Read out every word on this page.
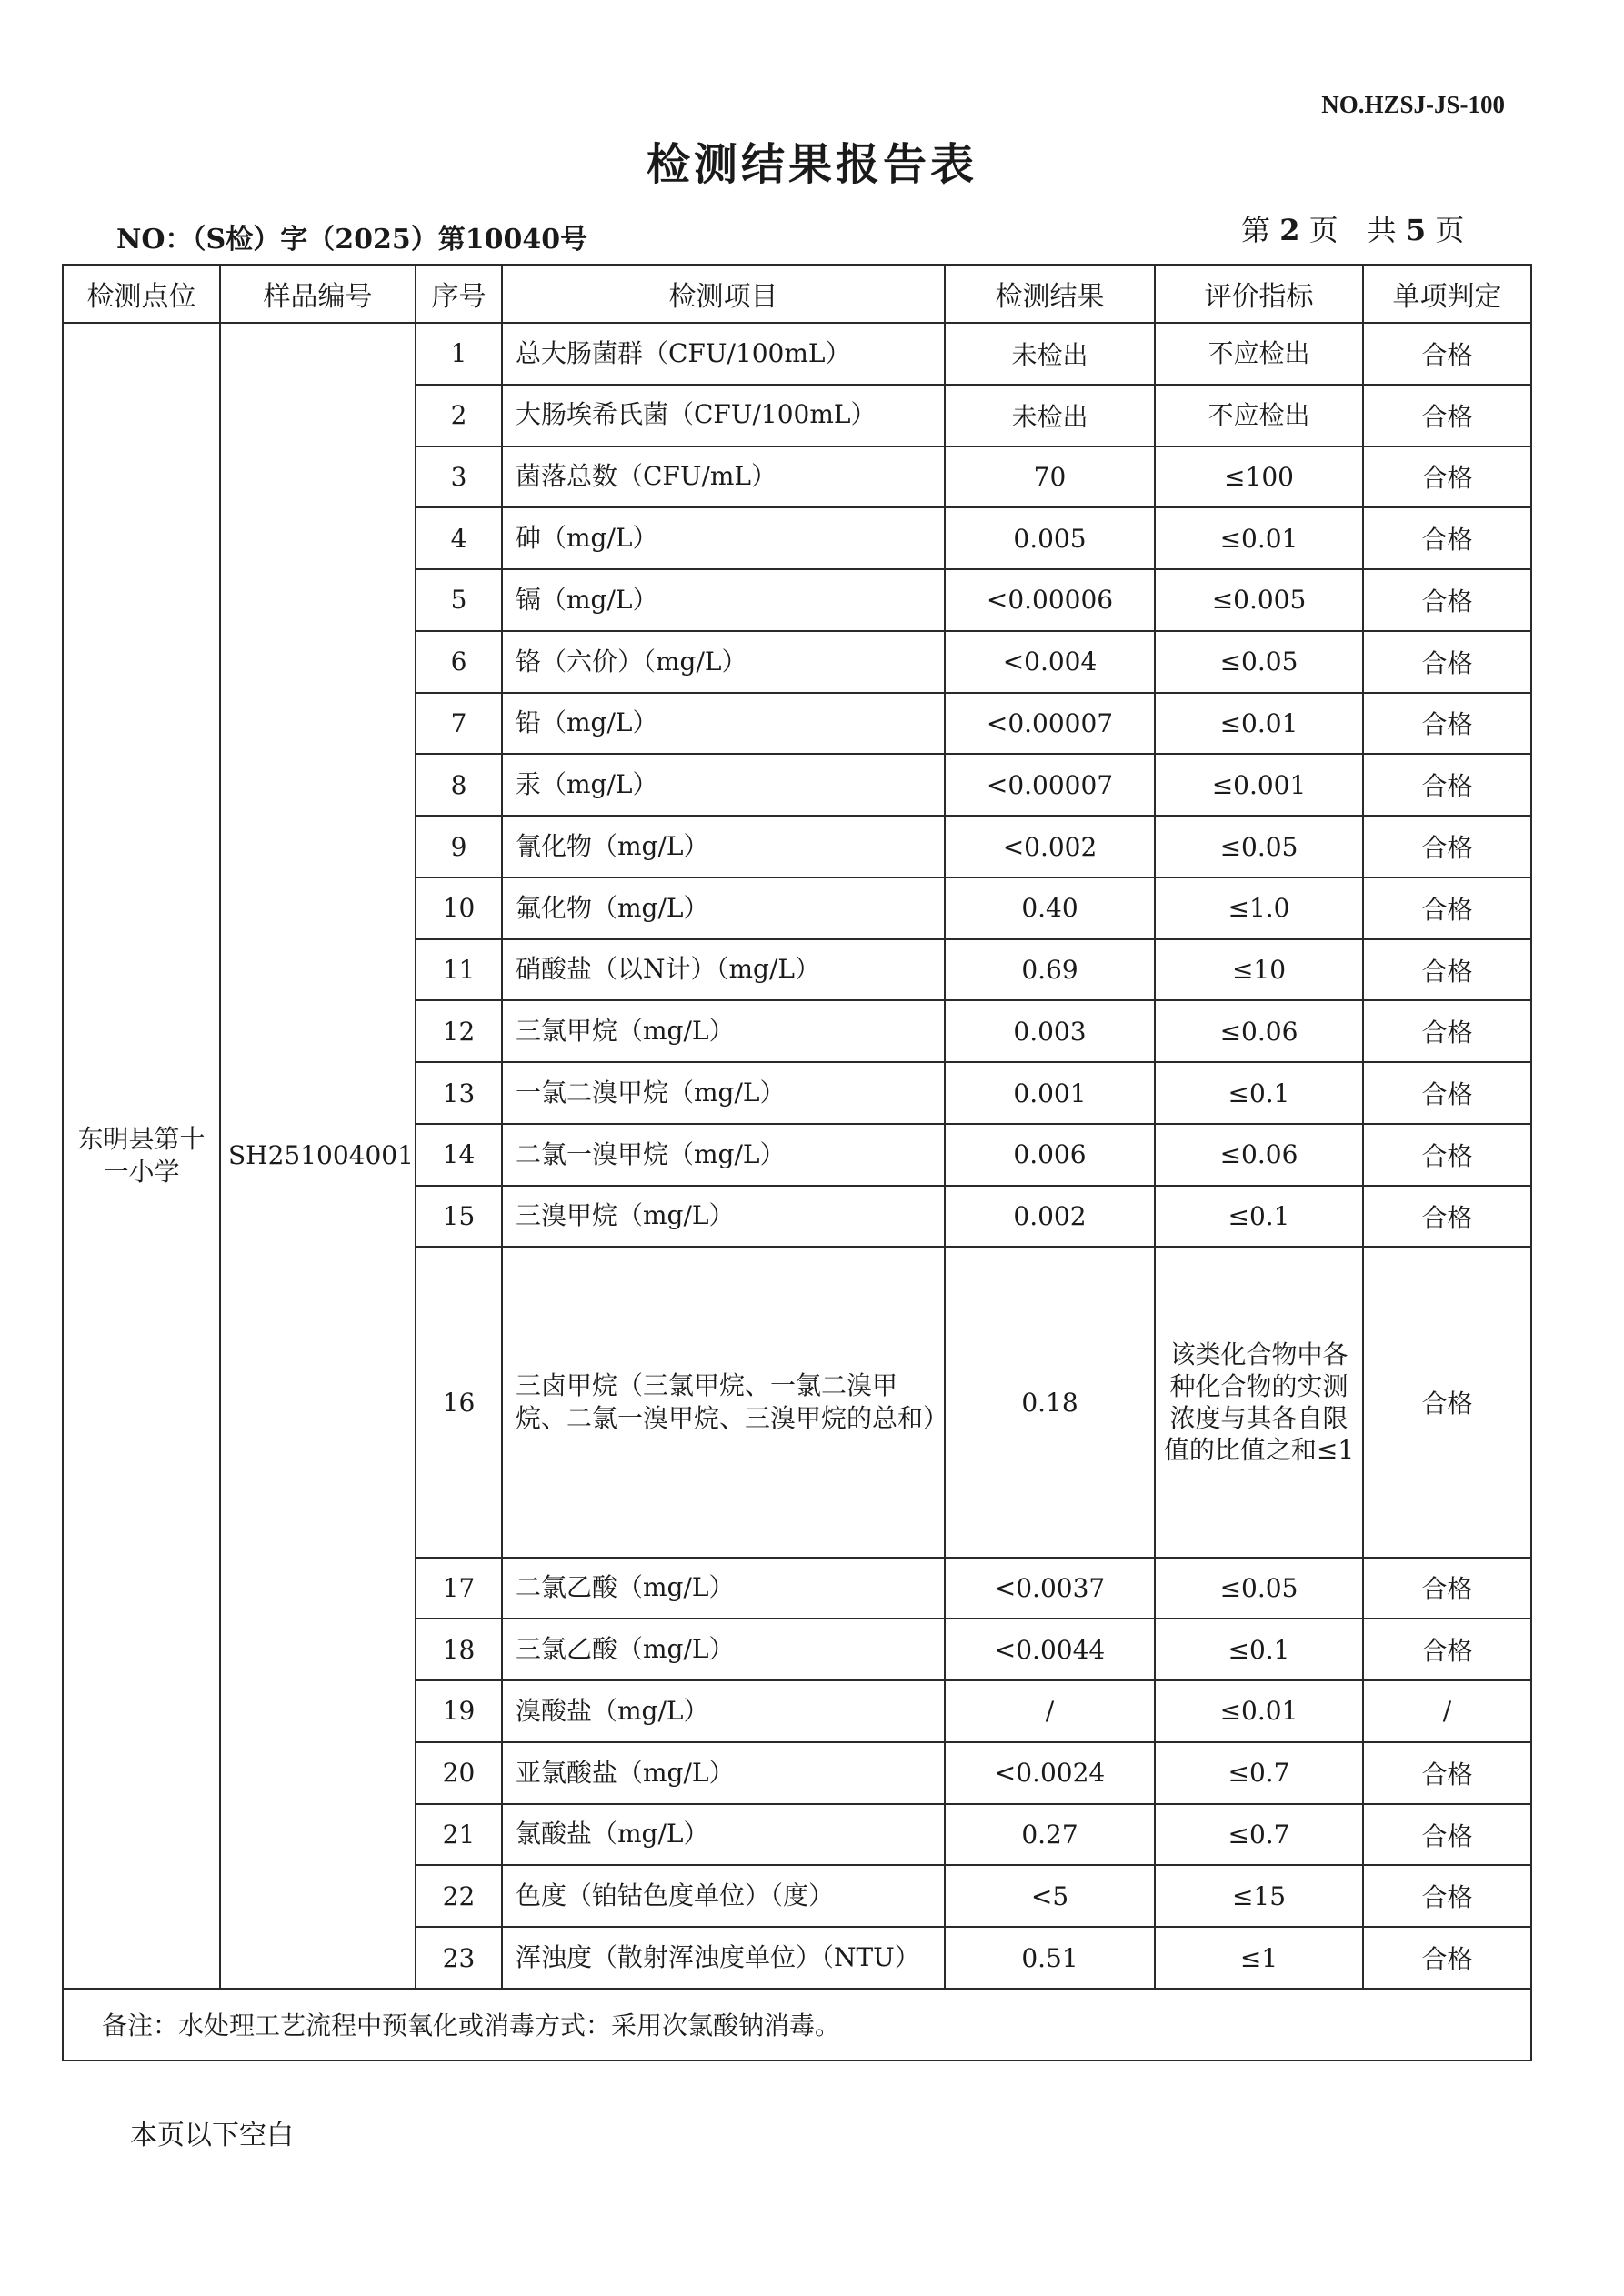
NO.HZSJ-JS-100
检测结果报告表
NO：（S检）字（2025）第10040号	第 2 页　共 5 页
检测点位	样品编号	序号	检测项目	检测结果	评价指标	单项判定
东明县第十一小学	SH251004001	1	总大肠菌群（CFU/100mL）	未检出	不应检出	合格
		2	大肠埃希氏菌（CFU/100mL）	未检出	不应检出	合格
		3	菌落总数（CFU/mL）	70	≤100	合格
		4	砷（mg/L）	0.005	≤0.01	合格
		5	镉（mg/L）	<0.00006	≤0.005	合格
		6	铬（六价）（mg/L）	<0.004	≤0.05	合格
		7	铅（mg/L）	<0.00007	≤0.01	合格
		8	汞（mg/L）	<0.00007	≤0.001	合格
		9	氰化物（mg/L）	<0.002	≤0.05	合格
		10	氟化物（mg/L）	0.40	≤1.0	合格
		11	硝酸盐（以N计）（mg/L）	0.69	≤10	合格
		12	三氯甲烷（mg/L）	0.003	≤0.06	合格
		13	一氯二溴甲烷（mg/L）	0.001	≤0.1	合格
		14	二氯一溴甲烷（mg/L）	0.006	≤0.06	合格
		15	三溴甲烷（mg/L）	0.002	≤0.1	合格
		16	三卤甲烷（三氯甲烷、一氯二溴甲烷、二氯一溴甲烷、三溴甲烷的总和）	0.18	该类化合物中各种化合物的实测浓度与其各自限值的比值之和≤1	合格
		17	二氯乙酸（mg/L）	<0.0037	≤0.05	合格
		18	三氯乙酸（mg/L）	<0.0044	≤0.1	合格
		19	溴酸盐（mg/L）	/	≤0.01	/
		20	亚氯酸盐（mg/L）	<0.0024	≤0.7	合格
		21	氯酸盐（mg/L）	0.27	≤0.7	合格
		22	色度（铂钴色度单位）（度）	<5	≤15	合格
		23	浑浊度（散射浑浊度单位）（NTU）	0.51	≤1	合格
备注：水处理工艺流程中预氧化或消毒方式：采用次氯酸钠消毒。						
本页以下空白
